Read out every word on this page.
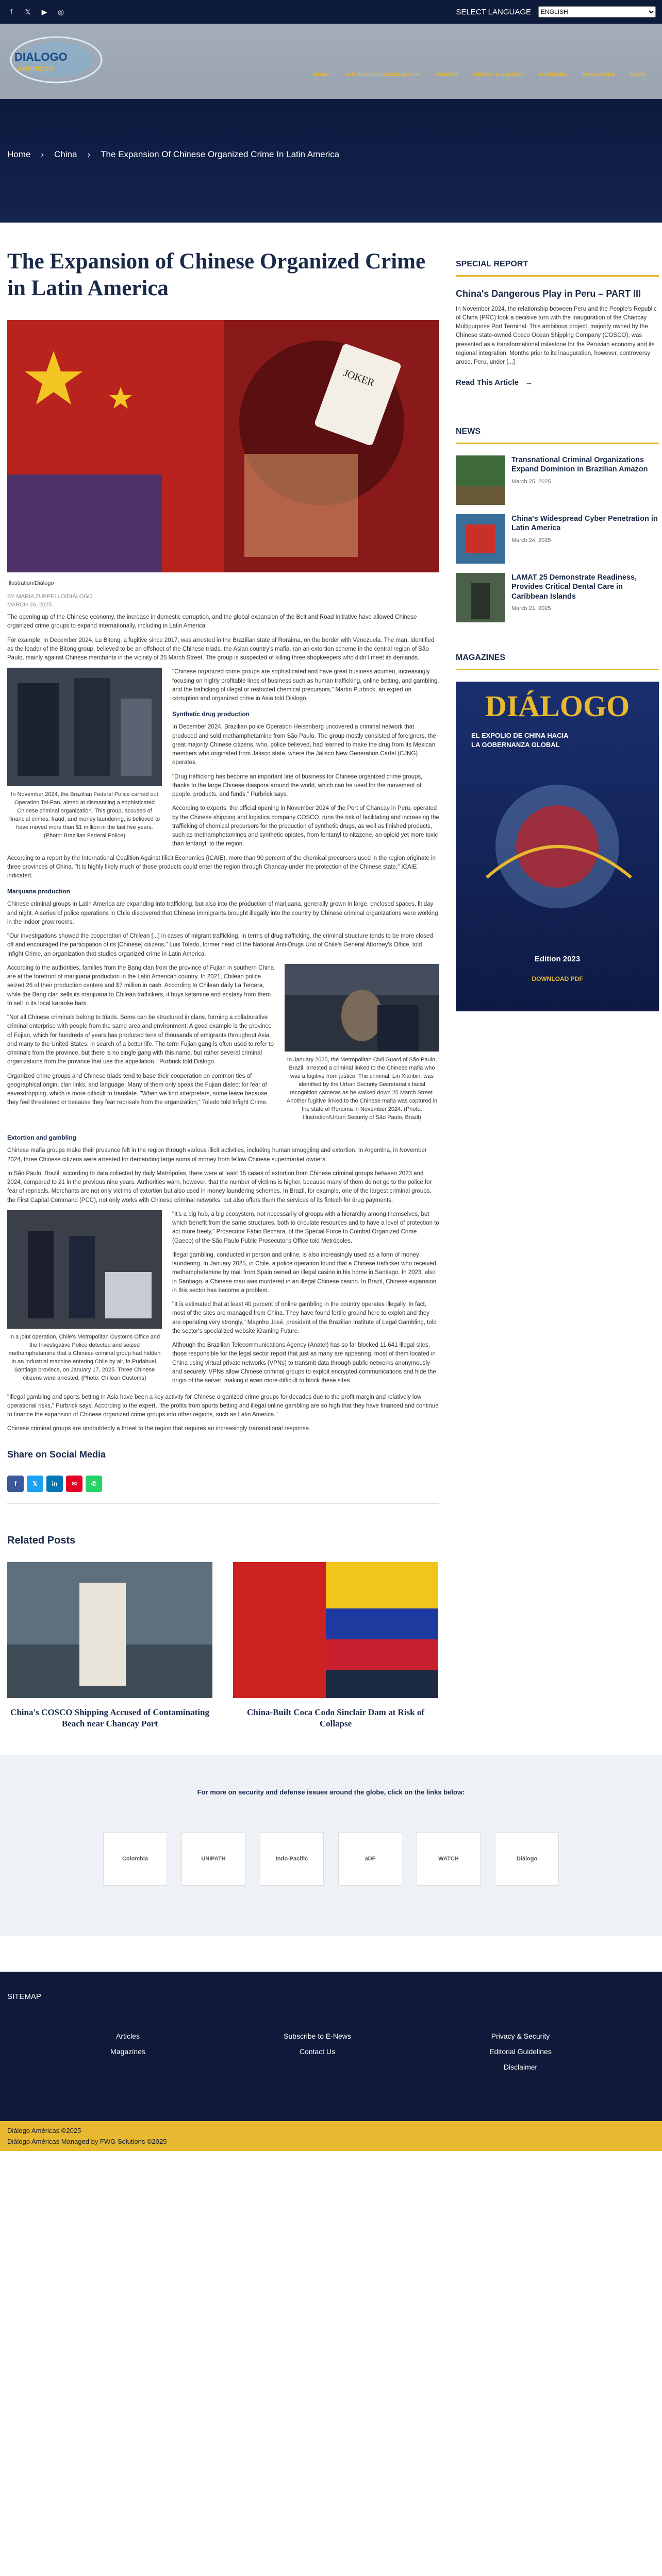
f	𝕏	▶	◎	SELECT LANGUAGE
ENGLISH
DIALOGO
AMERICAS
HOME	AUTHORITARIANISM WATCH	FORCES	UNITED ALLIANCE	ACADEMIA	MAGAZINES	MORE
Home › China › The Expansion Of Chinese Organized Crime In Latin America
The Expansion of Chinese Organized Crime in Latin America
JOKER
Illustration/Diálogo
BY MARIA ZUPPELLO/DIÁLOGO
MARCH 26, 2025

The opening up of the Chinese economy, the increase in domestic corruption, and the global expansion of the Belt and Road Initiative have allowed Chinese organized crime groups to expand internationally, including in Latin America.

For example, in December 2024, Lu Bitong, a fugitive since 2017, was arrested in the Brazilian state of Roraima, on the border with Venezuela. The man, identified as the leader of the Bitong group, believed to be an offshoot of the Chinese triads, the Asian country's mafia, ran an extortion scheme in the central region of São Paulo, mainly against Chinese merchants in the vicinity of 25 March Street. The group is suspected of killing three shopkeepers who didn't meet its demands.

In November 2024, the Brazilian Federal Police carried out Operation Tai-Pan, aimed at dismantling a sophisticated Chinese criminal organization. This group, accused of financial crimes, fraud, and money laundering, is believed to have moved more than $1 million in the last five years. (Photo: Brazilian Federal Police)

"Chinese organized crime groups are sophisticated and have great business acumen, increasingly focusing on highly profitable lines of business such as human trafficking, online betting, and gambling, and the trafficking of illegal or restricted chemical precursors," Martin Purbrick, an expert on corruption and organized crime in Asia told Diálogo.

Synthetic drug production

In December 2024, Brazilian police Operation Heisenberg uncovered a criminal network that produced and sold methamphetamine from São Paulo. The group mostly consisted of foreigners, the great majority Chinese citizens, who, police believed, had learned to make the drug from its Mexican members who originated from Jalisco state, where the Jalisco New Generation Cartel (CJNG) operates.

"Drug trafficking has become an important line of business for Chinese organized crime groups, thanks to the large Chinese diaspora around the world, which can be used for the movement of people, products, and funds," Purbrick says.

According to experts, the official opening in November 2024 of the Port of Chancay in Peru, operated by the Chinese shipping and logistics company COSCO, runs the risk of facilitating and increasing the trafficking of chemical precursors for the production of synthetic drugs, as well as finished products, such as methamphetamines and synthetic opiates, from fentanyl to nitazene, an opioid yet more toxic than fentanyl, to the region.

According to a report by the International Coalition Against Illicit Economies (ICAIE), more than 90 percent of the chemical precursors used in the region originate in three provinces of China. "It is highly likely much of those products could enter the region through Chancay under the protection of the Chinese state," ICAIE indicated.

Marijuana production

Chinese criminal groups in Latin America are expanding into trafficking, but also into the production of marijuana, generally grown in large, enclosed spaces, lit day and night. A series of police operations in Chile discovered that Chinese immigrants brought illegally into the country by Chinese criminal organizations were working in the indoor grow rooms.

"Our investigations showed the cooperation of Chilean [...] in cases of migrant trafficking. In terms of drug trafficking, the criminal structure tends to be more closed off and encouraged the participation of its [Chinese] citizens," Luis Toledo, former head of the National Anti-Drugs Unit of Chile's General Attorney's Office, told Infight Crime, an organization that studies organized crime in Latin America.

In January 2025, the Metropolitan Civil Guard of São Paulo, Brazil, arrested a criminal linked to the Chinese mafia who was a fugitive from justice. The criminal, Lin Xianbin, was identified by the Urban Security Secretariat's facial recognition cameras as he walked down 25 March Street. Another fugitive linked to the Chinese mafia was captured in the state of Roraima in November 2024. (Photo: Illustration/Urban Security of São Paulo, Brazil)

According to the authorities, families from the Bang clan from the province of Fujian in southern China are at the forefront of marijuana production in the Latin American country. In 2021, Chilean police seized 26 of their production centers and $7 million in cash. According to Chilean daily La Tercera, while the Bang clan sells its marijuana to Chilean traffickers, it buys ketamine and ecstasy from them to sell in its local karaoke bars.

"Not all Chinese criminals belong to triads. Some can be structured in clans, forming a collaborative criminal enterprise with people from the same area and environment. A good example is the province of Fujian, which for hundreds of years has produced tens of thousands of emigrants throughout Asia, and many to the United States, in search of a better life. The term Fujian gang is often used to refer to criminals from the province, but there is no single gang with this name, but rather several criminal organizations from the province that use this appellation," Purbrick told Diálogo.

Organized crime groups and Chinese triads tend to base their cooperation on common ties of geographical origin, clan links, and language. Many of them only speak the Fujian dialect for fear of eavesdropping, which is more difficult to translate. "When we find interpreters, some leave because they feel threatened or because they fear reprisals from the organization," Toledo told Infight Crime.

Extortion and gambling

Chinese mafia groups make their presence felt in the region through various illicit activities, including human smuggling and extortion. In Argentina, in November 2024, three Chinese citizens were arrested for demanding large sums of money from fellow Chinese supermarket owners.

In São Paulo, Brazil, according to data collected by daily Metrópoles, there were at least 15 cases of extortion from Chinese criminal groups between 2023 and 2024, compared to 21 in the previous nine years. Authorities warn, however, that the number of victims is higher, because many of them do not go to the police for fear of reprisals. Merchants are not only victims of extortion but also used in money laundering schemes. In Brazil, for example, one of the largest criminal groups, the First Capital Command (PCC), not only works with Chinese criminal networks, but also offers them the services of its fintech for drug payments.

In a joint operation, Chile's Metropolitan Customs Office and the Investigative Police detected and seized methamphetamine that a Chinese criminal group had hidden in an industrial machine entering Chile by air, in Pudahuel, Santiago province, on January 17, 2025. Three Chinese citizens were arrested. (Photo: Chilean Customs)

"It's a big hub, a big ecosystem, not necessarily of groups with a hierarchy among themselves, but which benefit from the same structures, both to circulate resources and to have a level of protection to act more freely," Prosecutor Fábio Bechara, of the Special Force to Combat Organized Crime (Gaeco) of the São Paulo Public Prosecutor's Office told Metrópoles.

Illegal gambling, conducted in person and online, is also increasingly used as a form of money laundering. In January 2025, in Chile, a police operation found that a Chinese trafficker who received methamphetamine by mail from Spain owned an illegal casino in his home in Santiago. In 2023, also in Santiago, a Chinese man was murdered in an illegal Chinese casino. In Brazil, Chinese expansion in this sector has become a problem.

"It is estimated that at least 40 percent of online gambling in the country operates illegally. In fact, most of the sites are managed from China. They have found fertile ground here to exploit and they are operating very strongly," Magnho José, president of the Brazilian Institute of Legal Gambling, told the sector's specialized website iGaming Future.

Although the Brazilian Telecommunications Agency (Anatel) has so far blocked 11,641 illegal sites, those responsible for the legal sector report that just as many are appearing, most of them located in China using virtual private networks (VPNs) to transmit data through public networks anonymously and securely. VPNs allow Chinese criminal groups to exploit encrypted communications and hide the origin of the server, making it even more difficult to block these sites.

"Illegal gambling and sports betting in Asia have been a key activity for Chinese organized crime groups for decades due to the profit margin and relatively low operational risks," Purbrick says. According to the expert, "the profits from sports betting and illegal online gambling are so high that they have financed and continue to finance the expansion of Chinese organized crime groups into other regions, such as Latin America."

Chinese criminal groups are undoubtedly a threat to the region that requires an increasingly transnational response.

Share on Social Media
f	𝕏	in	✉	✆
Related Posts

China's COSCO Shipping Accused of Contaminating Beach near Chancay Port

China-Built Coca Codo Sinclair Dam at Risk of Collapse

SPECIAL REPORT

China's Dangerous Play in Peru – PART III

In November 2024, the relationship between Peru and the People's Republic of China (PRC) took a decisive turn with the inauguration of the Chancay Multipurpose Port Terminal. This ambitious project, majority owned by the Chinese state-owned Cosco Ocean Shipping Company (COSCO), was presented as a transformational milestone for the Peruvian economy and its regional integration. Months prior to its inauguration, however, controversy arose. Peru, under [...]

Read This Article   →
NEWS

Transnational Criminal Organizations Expand Dominion in Brazilian Amazon
March 25, 2025

China's Widespread Cyber Penetration in Latin America
March 24, 2025

LAMAT 25 Demonstrate Readiness, Provides Critical Dental Care in Caribbean Islands
March 21, 2025

MAGAZINES
DIÁLOGO
EL EXPOLIO DE CHINA HACIA LA GOBERNANZA GLOBAL
Edition 2023
DOWNLOAD PDF
For more on security and defense issues around the globe, click on the links below:
Colombia	UNIPATH	Indo-Pacific	aDF	WATCH	Diálogo
SITEMAP
Articles
Magazines
Subscribe to E-News
Contact Us
Privacy & Security
Editorial Guidelines
Disclaimer
Diálogo Américas ©2025
Diálogo Américas Managed by FWG Solutions ©2025
